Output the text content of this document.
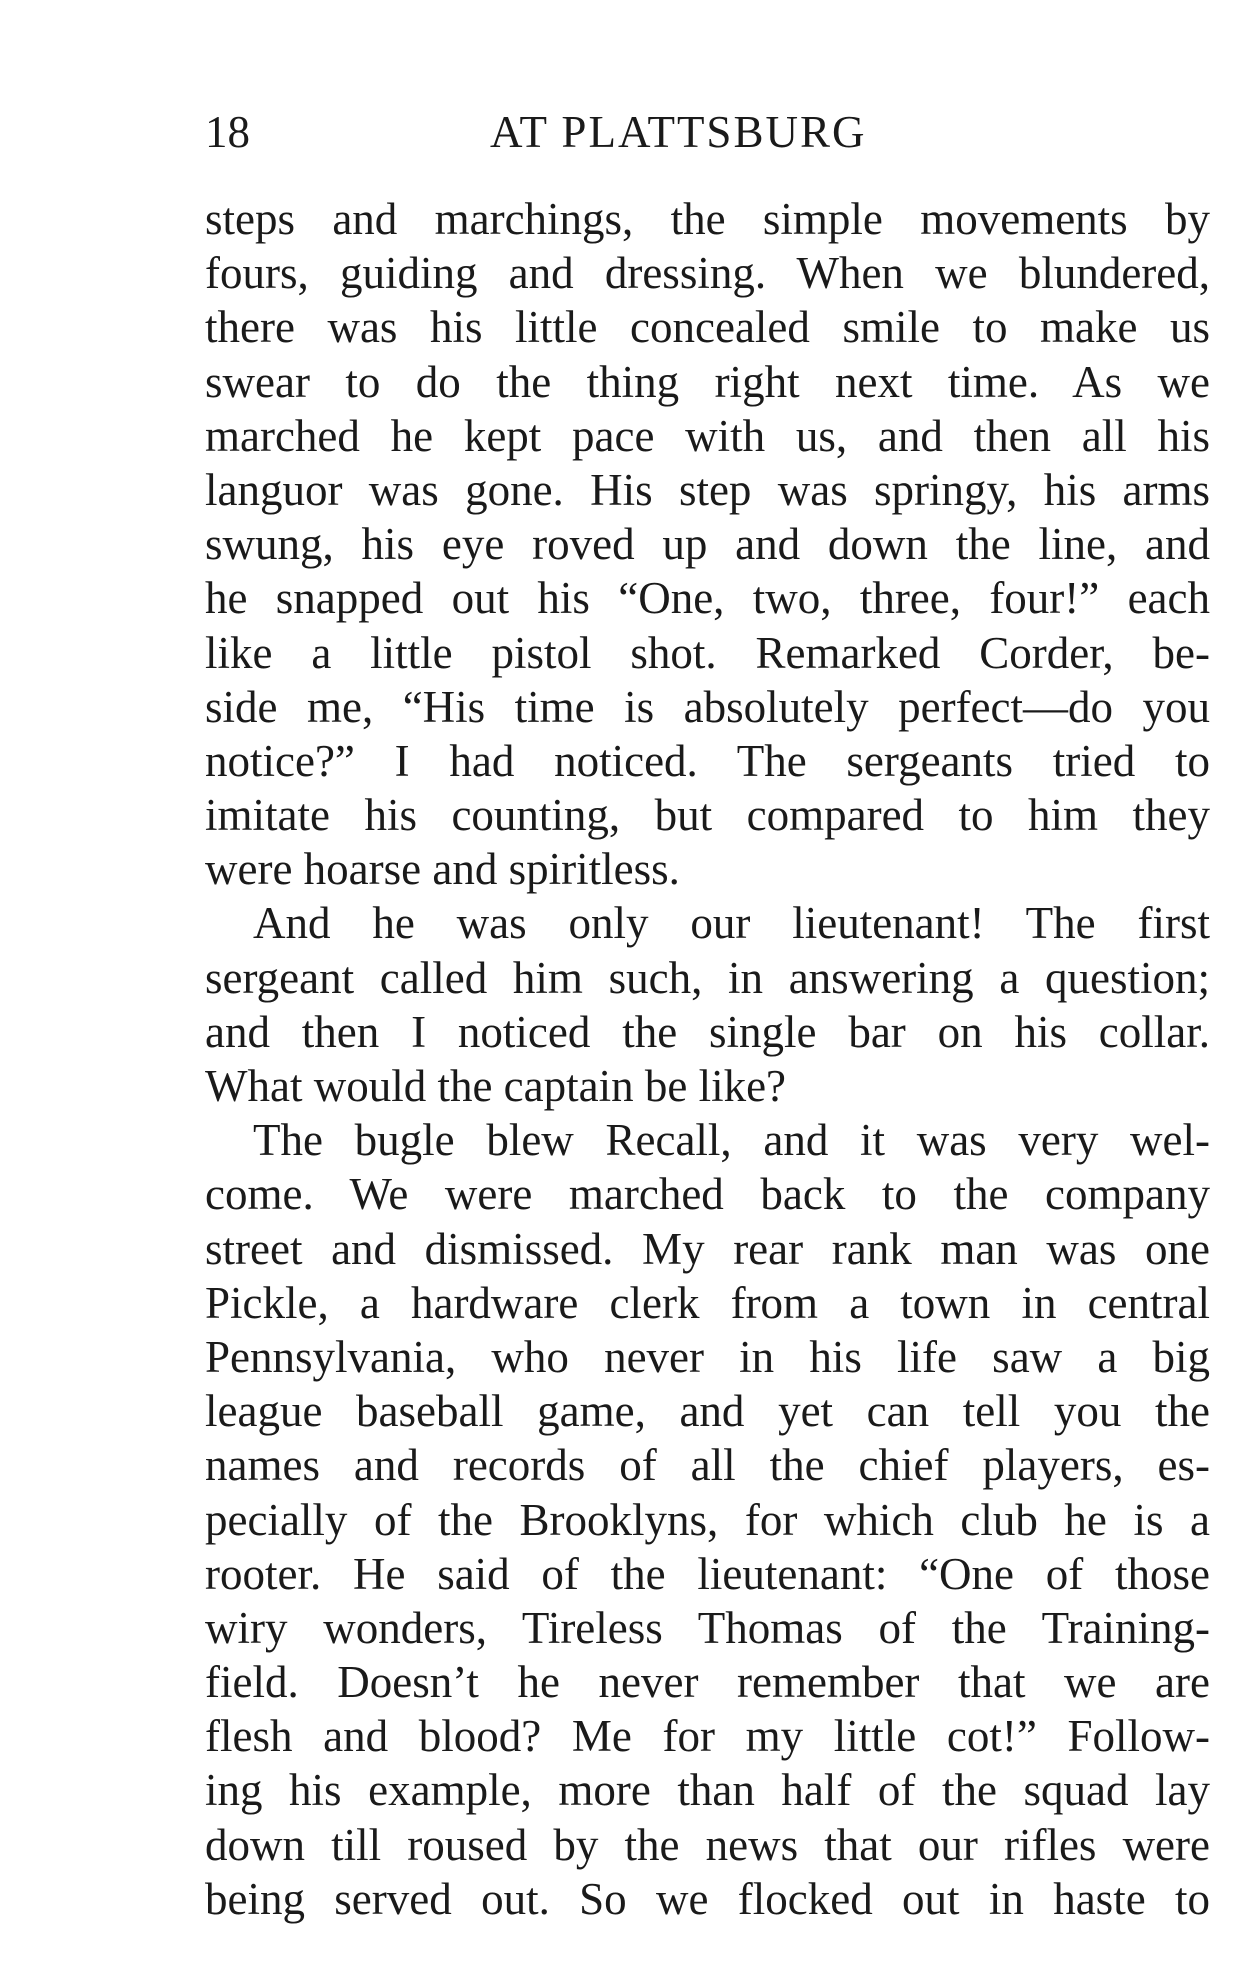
18	AT PLATTSBURG
steps and marchings, the simple movements by
fours, guiding and dressing. When we blundered,
there was his little concealed smile to make us
swear to do the thing right next time. As we
marched he kept pace with us, and then all his
languor was gone. His step was springy, his arms
swung, his eye roved up and down the line, and
he snapped out his “One, two, three, four!” each
like a little pistol shot. Remarked Corder, be-
side me, “His time is absolutely perfect—do you
notice?” I had noticed. The sergeants tried to
imitate his counting, but compared to him they
were hoarse and spiritless.
And he was only our lieutenant! The first
sergeant called him such, in answering a question;
and then I noticed the single bar on his collar.
What would the captain be like?
The bugle blew Recall, and it was very wel-
come. We were marched back to the company
street and dismissed. My rear rank man was one
Pickle, a hardware clerk from a town in central
Pennsylvania, who never in his life saw a big
league baseball game, and yet can tell you the
names and records of all the chief players, es-
pecially of the Brooklyns, for which club he is a
rooter. He said of the lieutenant: “One of those
wiry wonders, Tireless Thomas of the Training-
field. Doesn’t he never remember that we are
flesh and blood? Me for my little cot!” Follow-
ing his example, more than half of the squad lay
down till roused by the news that our rifles were
being served out. So we flocked out in haste to
